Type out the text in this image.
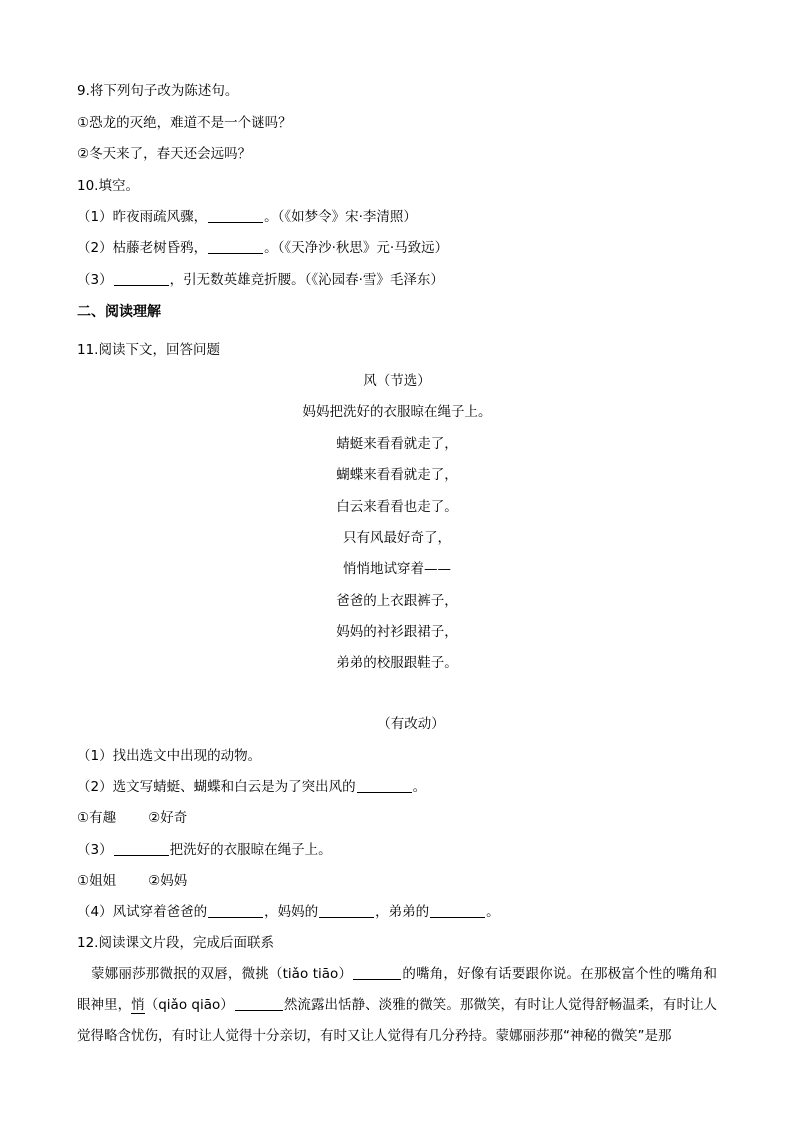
9.将下列句子改为陈述句。
①恐龙的灭绝，难道不是一个谜吗？
②冬天来了，春天还会远吗？
10.填空。
（1）昨夜雨疏风骤，	。（《如梦令》宋·李清照）
（2）枯藤老树昏鸦，	。（《天净沙·秋思》元·马致远）
（3）	，引无数英雄竞折腰。（《沁园春·雪》毛泽东）
二、阅读理解
11.阅读下文，回答问题
风（节选）
妈妈把洗好的衣服晾在绳子上。
蜻蜓来看看就走了，
蝴蝶来看看就走了，
白云来看看也走了。
只有风最好奇了，
悄悄地试穿着——
爸爸的上衣跟裤子，
妈妈的衬衫跟裙子，
弟弟的校服跟鞋子。
（有改动）
（1）找出选文中出现的动物。
（2）选文写蜻蜓、蝴蝶和白云是为了突出风的	。
①有趣 ②好奇
（3）	把洗好的衣服晾在绳子上。
①姐姐 ②妈妈
（4）风试穿着爸爸的	，妈妈的	，弟弟的	。
12.阅读课文片段，完成后面联系
蒙娜丽莎那微抿的双唇，微挑（tiǎo tiāo）	的嘴角，好像有话要跟你说。在那极富个性的嘴角和眼神里，悄（qiǎo qiāo）	然流露出恬静、淡雅的微笑。那微笑，有时让人觉得舒畅温柔，有时让人觉得略含忧伤，有时让人觉得十分亲切，有时又让人觉得有几分矜持。蒙娜丽莎那“神秘的微笑”是那
